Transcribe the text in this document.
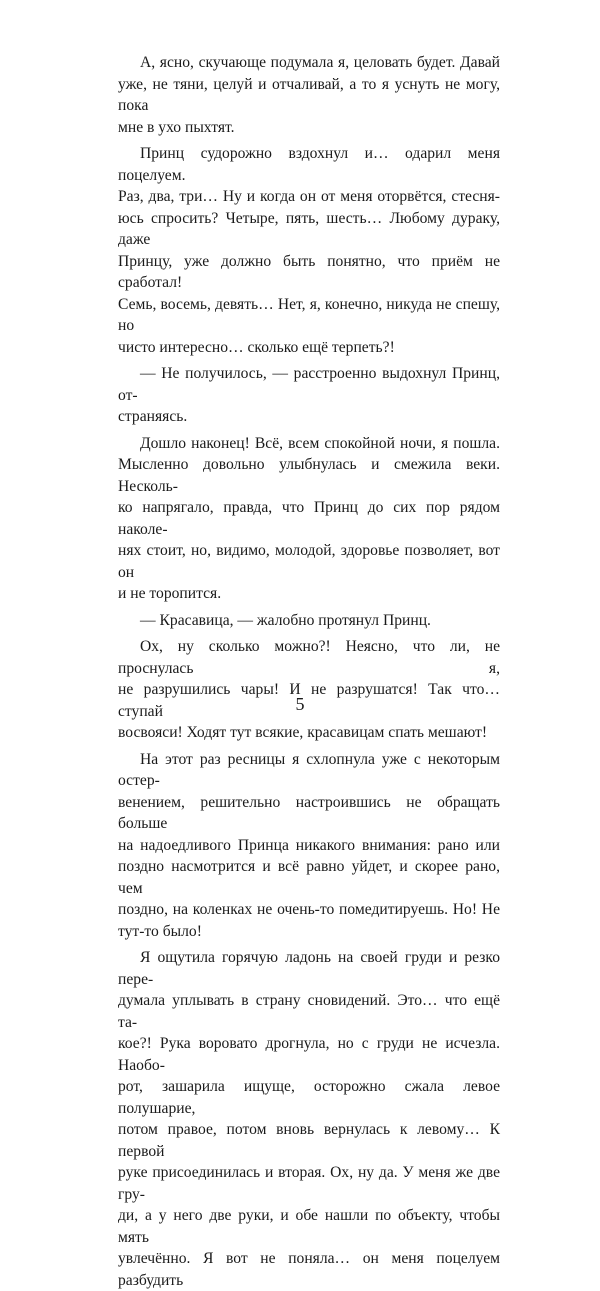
А, ясно, скучающе подумала я, целовать будет. Давай
уже, не тяни, целуй и отчаливай, а то я уснуть не могу, пока
мне в ухо пыхтят.
Принц судорожно вздохнул и… одарил меня поцелуем.
Раз, два, три… Ну и когда он от меня оторвётся, стесня-
юсь спросить? Четыре, пять, шесть… Любому дураку, даже
Принцу, уже должно быть понятно, что приём не сработал!
Семь, восемь, девять… Нет, я, конечно, никуда не спешу, но
чисто интересно… сколько ещё терпеть?!
— Не получилось, — расстроенно выдохнул Принц, от-
страняясь.
Дошло наконец! Всё, всем спокойной ночи, я пошла.
Мысленно довольно улыбнулась и смежила веки. Несколь-
ко напрягало, правда, что Принц до сих пор рядом наколе-
нях стоит, но, видимо, молодой, здоровье позволяет, вот он
и не торопится.
— Красавица, — жалобно протянул Принц.
Ох, ну сколько можно?! Неясно, что ли, не проснулась я,
не разрушились чары! И не разрушатся! Так что… ступай
восвояси! Ходят тут всякие, красавицам спать мешают!
На этот раз ресницы я схлопнула уже с некоторым остер-
венением, решительно настроившись не обращать больше
на надоедливого Принца никакого внимания: рано или
поздно насмотрится и всё равно уйдет, и скорее рано, чем
поздно, на коленках не очень-то помедитируешь. Но! Не
тут-то было!
Я ощутила горячую ладонь на своей груди и резко пере-
думала уплывать в страну сновидений. Это… что ещё та-
кое?! Рука воровато дрогнула, но с груди не исчезла. Наобо-
рот, зашарила ищуще, осторожно сжала левое полушарие,
потом правое, потом вновь вернулась к левому… К первой
руке присоединилась и вторая. Ох, ну да. У меня же две гру-
ди, а у него две руки, и обе нашли по объекту, чтобы мять
увлечённо. Я вот не поняла… он меня поцелуем разбудить
5
